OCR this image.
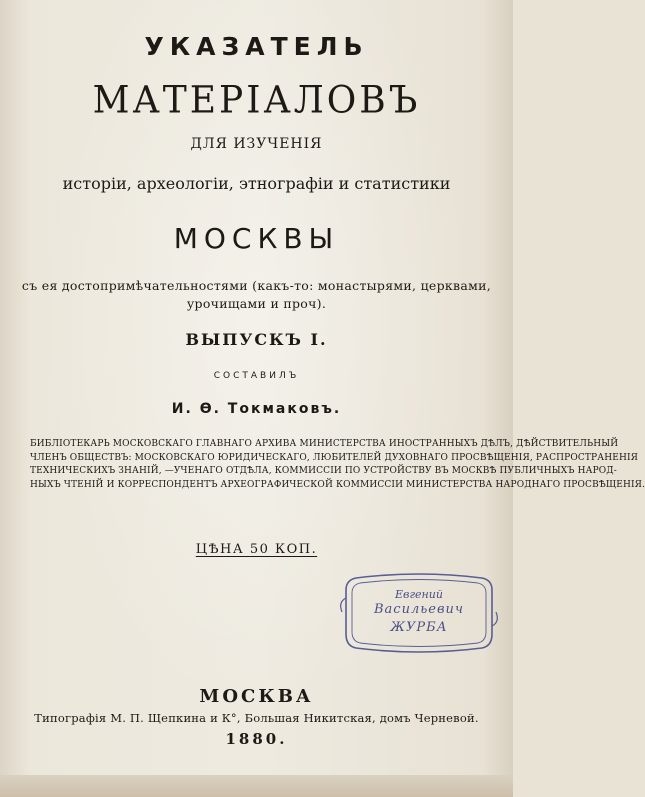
УКАЗАТЕЛЬ
МАТЕРІАЛОВЪ
ДЛЯ ИЗУЧЕНІЯ
исторіи, археологіи, этнографіи и статистики
МОСКВЫ
съ ея достопримѣчательностями (какъ-то: монастырями, церквами,
урочищами и проч).
ВЫПУСКЪ I.
СОСТАВИЛЪ
И. Ө. Токмаковъ.
БИБЛІОТЕКАРЬ МОСКОВСКАГО ГЛАВНАГО АРХИВА МИНИСТЕРСТВА ИНОСТРАННЫХЪ ДѢЛЪ, ДѢЙСТВИТЕЛЬНЫЙ
ЧЛЕНЪ ОБЩЕСТВЪ: МОСКОВСКАГО ЮРИДИЧЕСКАГО, ЛЮБИТЕЛЕЙ ДУХОВНАГО ПРОСВѢЩЕНІЯ, РАСПРОСТРАНЕНІЯ
ТЕХНИЧЕСКИХЪ ЗНАНІЙ, —УЧЕНАГО ОТДѢЛА, КОММИССІИ ПО УСТРОЙСТВУ ВЪ МОСКВѢ ПУБЛИЧНЫХЪ НАРОД-
НЫХЪ ЧТЕНІЙ И КОРРЕСПОНДЕНТЪ АРХЕОГРАФИЧЕСКОЙ КОММИССІИ МИНИСТЕРСТВА НАРОДНАГО ПРОСВѢЩЕНІЯ.
ЦѢНА 50 КОП.
Евгений
Васильевич
ЖУРБА
МОСКВА
Типографія М. П. Щепкина и К°, Большая Никитская, домъ Черневой.
1880.
